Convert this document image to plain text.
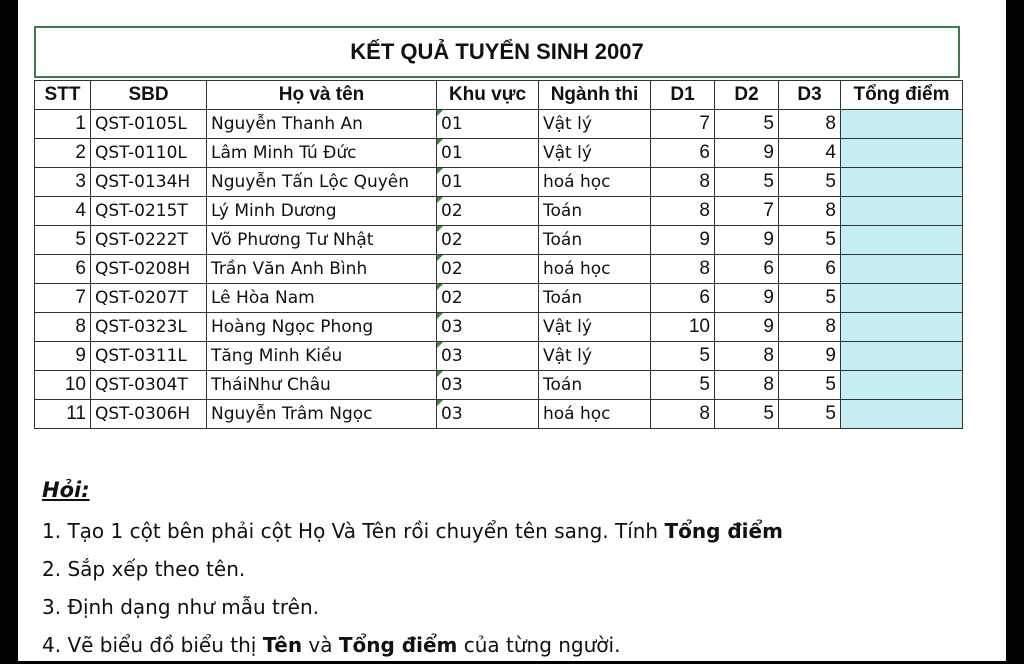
KẾT QUẢ TUYỂN SINH 2007
STT	SBD	Họ và tên	Khu vực	Ngành thi	D1	D2	D3	Tổng điểm
1	QST-0105L	Nguyễn Thanh An	01	Vật lý	7	5	8	
2	QST-0110L	Lâm Minh Tú Đức	01	Vật lý	6	9	4	
3	QST-0134H	Nguyễn Tấn Lộc Quyên	01	hoá học	8	5	5	
4	QST-0215T	Lý Minh Dương	02	Toán	8	7	8	
5	QST-0222T	Võ Phương Tư Nhật	02	Toán	9	9	5	
6	QST-0208H	Trần Văn Anh Bình	02	hoá học	8	6	6	
7	QST-0207T	Lê Hòa Nam	02	Toán	6	9	5	
8	QST-0323L	Hoàng Ngọc Phong	03	Vật lý	10	9	8	
9	QST-0311L	Tăng Minh Kiều	03	Vật lý	5	8	9	
10	QST-0304T	TháiNhư Châu	03	Toán	5	8	5	
11	QST-0306H	Nguyễn Trâm Ngọc	03	hoá học	8	5	5	
Hỏi:
1. Tạo 1 cột bên phải cột Họ Và Tên rồi chuyển tên sang. Tính Tổng điểm
2. Sắp xếp theo tên.
3. Định dạng như mẫu trên.
4. Vẽ biểu đồ biểu thị Tên và Tổng điểm của từng người.
